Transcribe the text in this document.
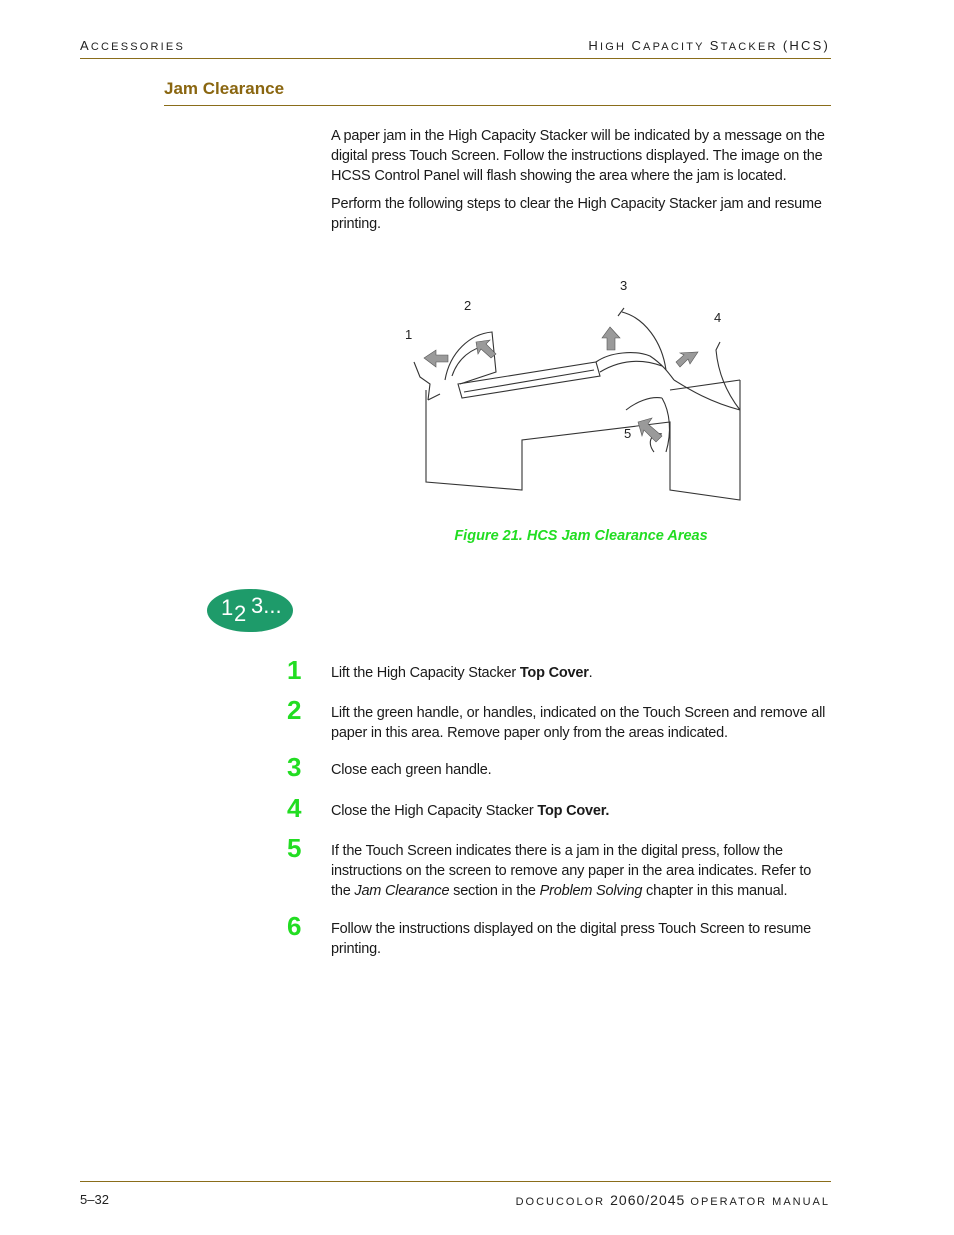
ACCESSORIES	HIGH CAPACITY STACKER (HCS)
Jam Clearance

A paper jam in the High Capacity Stacker will be indicated by a message on the digital press Touch Screen. Follow the instructions displayed. The image on the HCSS Control Panel will flash showing the area where the jam is located.

Perform the following steps to clear the High Capacity Stacker jam and resume printing.

1
2
3
4
5

Figure 21. HCS Jam Clearance Areas

1 2 3...
1 Lift the High Capacity Stacker Top Cover.

2 Lift the green handle, or handles, indicated on the Touch Screen and remove all paper in this area. Remove paper only from the areas indicated.

3 Close each green handle.

4 Close the High Capacity Stacker Top Cover.

5 If the Touch Screen indicates there is a jam in the digital press, follow the instructions on the screen to remove any paper in the area indicates. Refer to the Jam Clearance section in the Problem Solving chapter in this manual.

6 Follow the instructions displayed on the digital press Touch Screen to resume printing.

5–32	DOCUCOLOR 2060/2045 OPERATOR MANUAL
